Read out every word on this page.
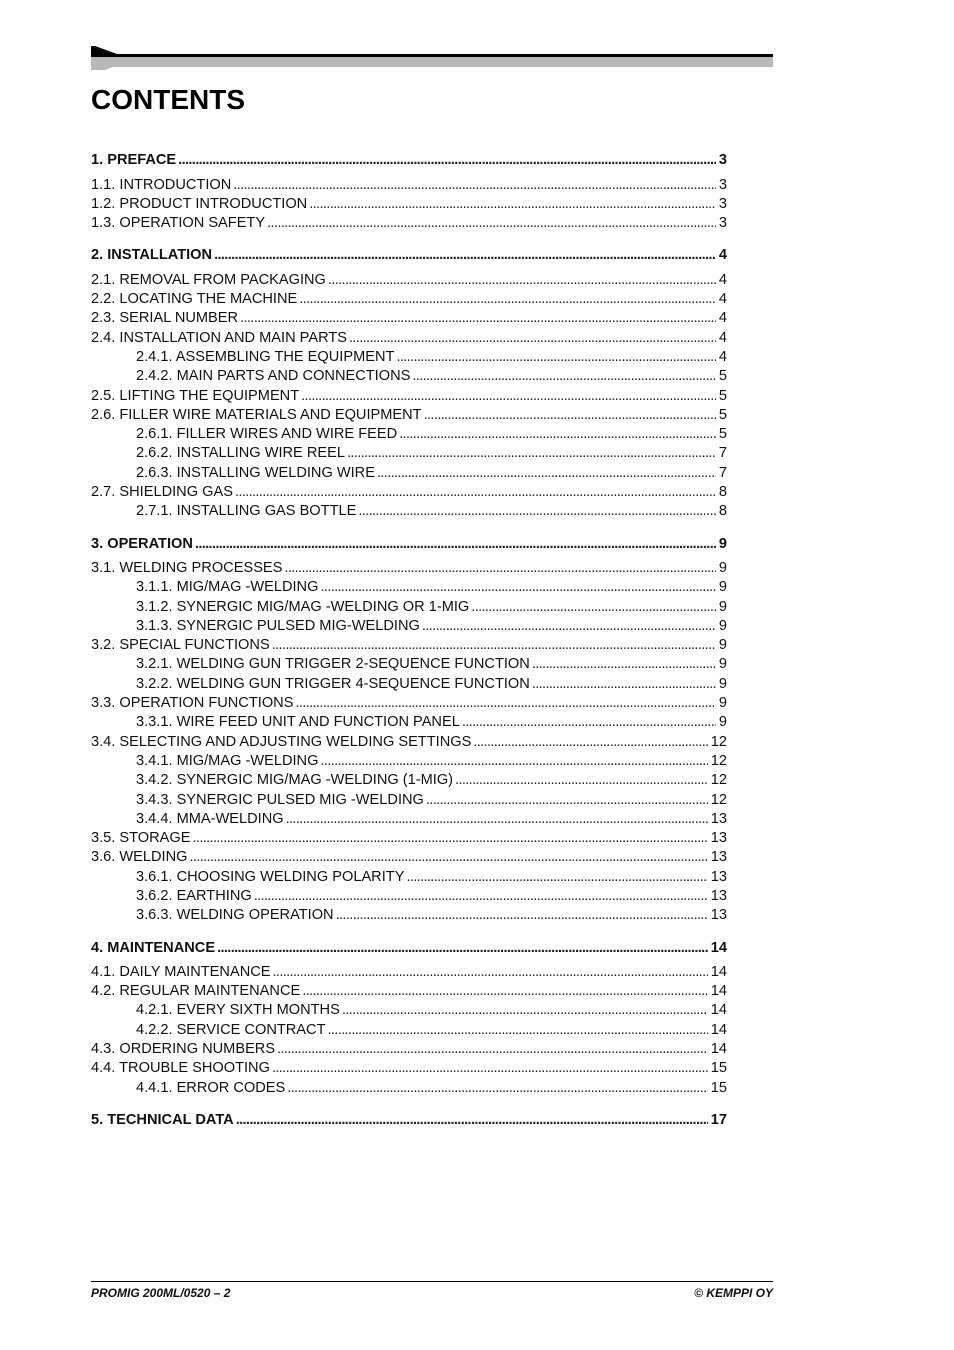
CONTENTS
1. PREFACE . . .	3
1.1. INTRODUCTION . . .	3
1.2. PRODUCT INTRODUCTION . . .	3
1.3. OPERATION SAFETY . . .	3
2. INSTALLATION . . .	4
2.1. REMOVAL FROM PACKAGING . . .	4
2.2. LOCATING THE MACHINE . . .	4
2.3. SERIAL NUMBER . . .	4
2.4. INSTALLATION AND MAIN PARTS . . .	4
2.4.1. ASSEMBLING THE EQUIPMENT . . .	4
2.4.2. MAIN PARTS AND CONNECTIONS . . .	5
2.5. LIFTING THE EQUIPMENT . . .	5
2.6. FILLER WIRE MATERIALS AND EQUIPMENT . . .	5
2.6.1. FILLER WIRES AND WIRE FEED . . .	5
2.6.2. INSTALLING WIRE REEL . . .	7
2.6.3. INSTALLING WELDING WIRE . . .	7
2.7. SHIELDING GAS . . .	8
2.7.1. INSTALLING GAS BOTTLE . . .	8
3. OPERATION . . .	9
3.1. WELDING PROCESSES . . .	9
3.1.1. MIG/MAG -WELDING . . .	9
3.1.2. SYNERGIC MIG/MAG -WELDING OR 1-MIG . . .	9
3.1.3. SYNERGIC PULSED MIG-WELDING . . .	9
3.2. SPECIAL FUNCTIONS . . .	9
3.2.1. WELDING GUN TRIGGER 2-SEQUENCE FUNCTION . . .	9
3.2.2. WELDING GUN TRIGGER 4-SEQUENCE FUNCTION . . .	9
3.3. OPERATION FUNCTIONS . . .	9
3.3.1. WIRE FEED UNIT AND FUNCTION PANEL . . .	9
3.4. SELECTING AND ADJUSTING WELDING SETTINGS . . .	12
3.4.1. MIG/MAG -WELDING . . .	12
3.4.2. SYNERGIC MIG/MAG -WELDING (1-MIG) . . .	12
3.4.3. SYNERGIC PULSED MIG -WELDING . . .	12
3.4.4. MMA-WELDING . . .	13
3.5. STORAGE . . .	13
3.6. WELDING . . .	13
3.6.1. CHOOSING WELDING POLARITY . . .	13
3.6.2. EARTHING . . .	13
3.6.3. WELDING OPERATION . . .	13
4. MAINTENANCE . . .	14
4.1. DAILY MAINTENANCE . . .	14
4.2. REGULAR MAINTENANCE . . .	14
4.2.1. EVERY SIXTH MONTHS . . .	14
4.2.2. SERVICE CONTRACT . . .	14
4.3. ORDERING NUMBERS . . .	14
4.4. TROUBLE SHOOTING . . .	15
4.4.1. ERROR CODES . . .	15
5. TECHNICAL DATA . . .	17
PROMIG 200ML/0520 – 2	© KEMPPI OY
